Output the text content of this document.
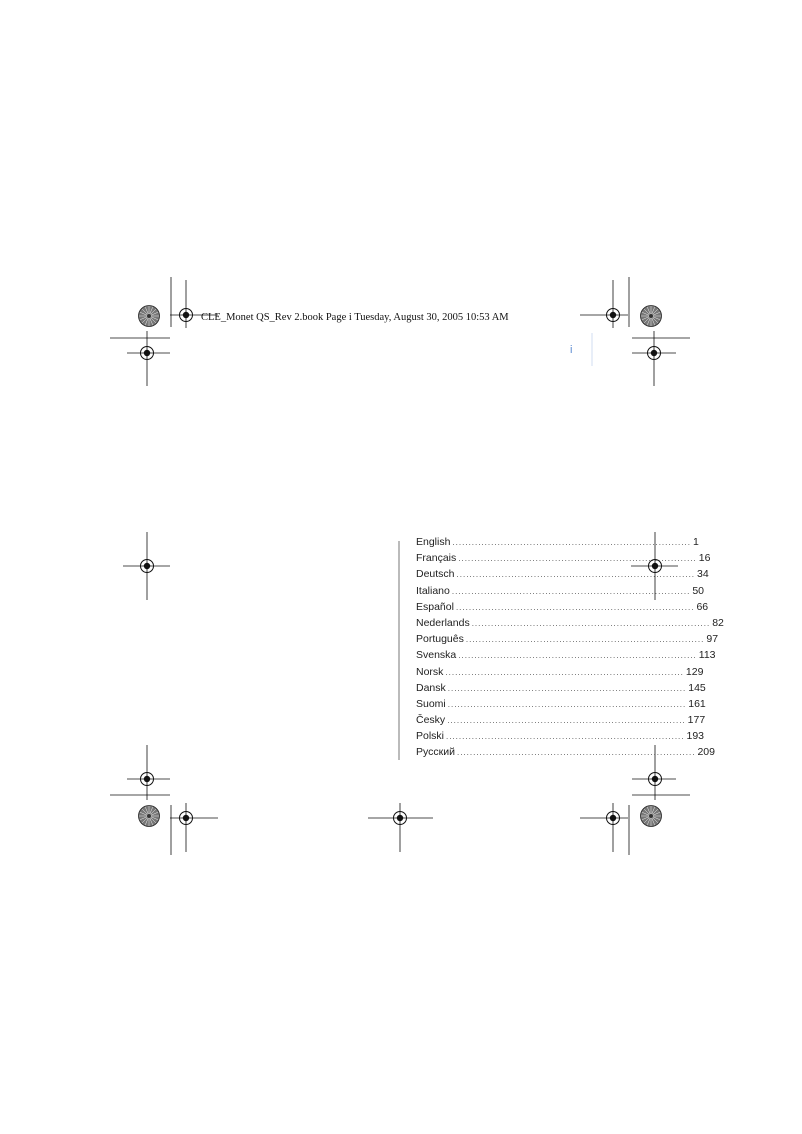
CLE_Monet QS_Rev 2.book Page i Tuesday, August 30, 2005 10:53 AM
i
English .......................................................................... 1
Français .......................................................................... 16
Deutsch .......................................................................... 34
Italiano .......................................................................... 50
Español .......................................................................... 66
Nederlands .......................................................................... 82
Português .......................................................................... 97
Svenska .......................................................................... 113
Norsk .......................................................................... 129
Dansk .......................................................................... 145
Suomi .......................................................................... 161
Česky .......................................................................... 177
Polski .......................................................................... 193
Русский .......................................................................... 209
